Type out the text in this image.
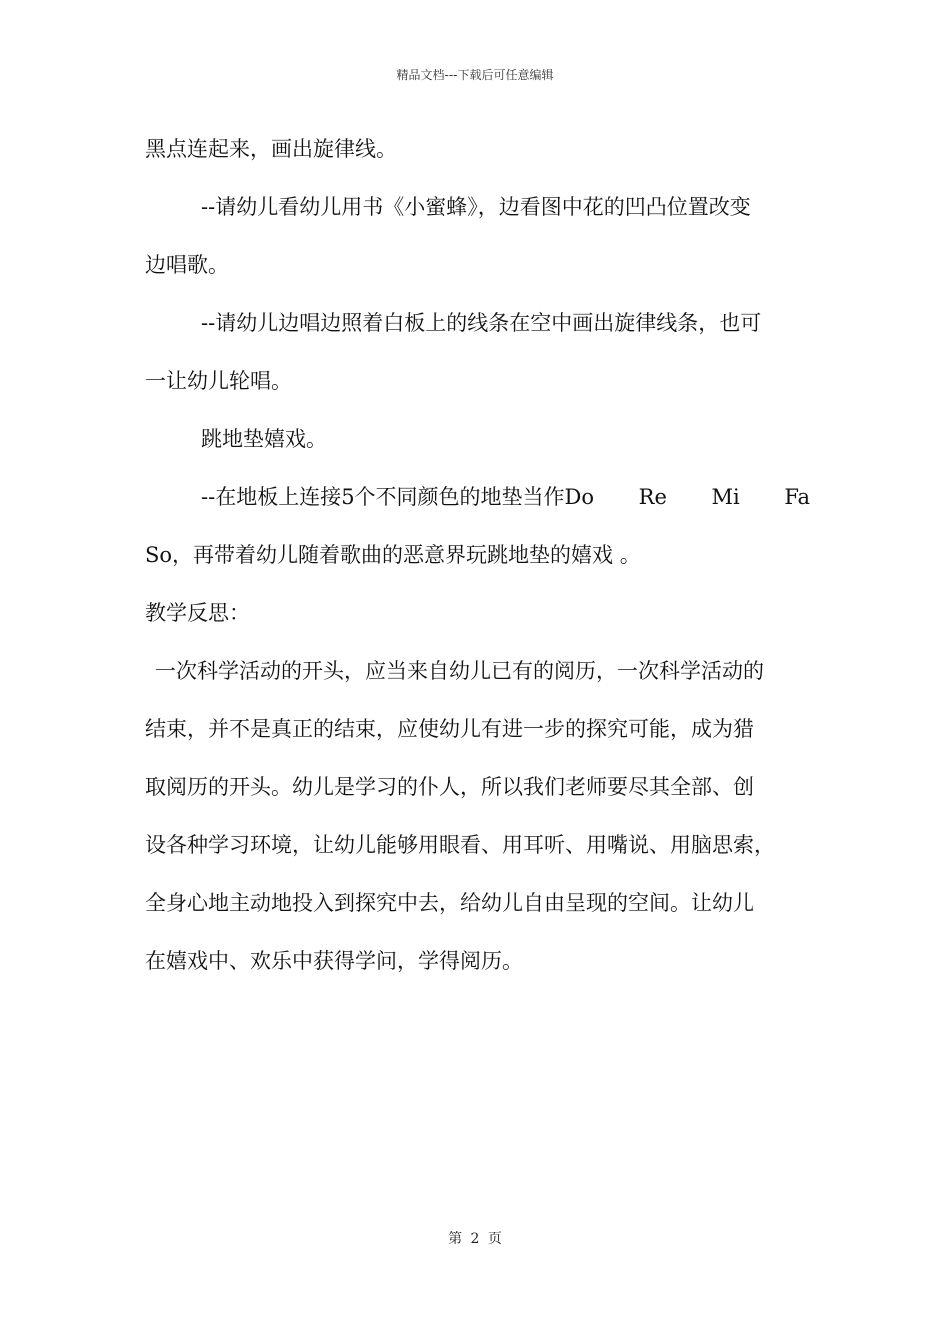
精品文档---下载后可任意编辑
黑点连起来，画出旋律线。
--请幼儿看幼儿用书《小蜜蜂》，边看图中花的凹凸位置改变
边唱歌。
--请幼儿边唱边照着白板上的线条在空中画出旋律线条，也可
一让幼儿轮唱。
跳地垫嬉戏。
--在地板上连接5个不同颜色的地垫当作Do Re Mi Fa
So，再带着幼儿随着歌曲的恶意界玩跳地垫的嬉戏 。
教学反思：
一次科学活动的开头，应当来自幼儿已有的阅历，一次科学活动的
结束，并不是真正的结束，应使幼儿有进一步的探究可能，成为猎
取阅历的开头。幼儿是学习的仆人，所以我们老师要尽其全部、创
设各种学习环境，让幼儿能够用眼看、用耳听、用嘴说、用脑思索，
全身心地主动地投入到探究中去，给幼儿自由呈现的空间。让幼儿
在嬉戏中、欢乐中获得学问，学得阅历。
第 2 页
